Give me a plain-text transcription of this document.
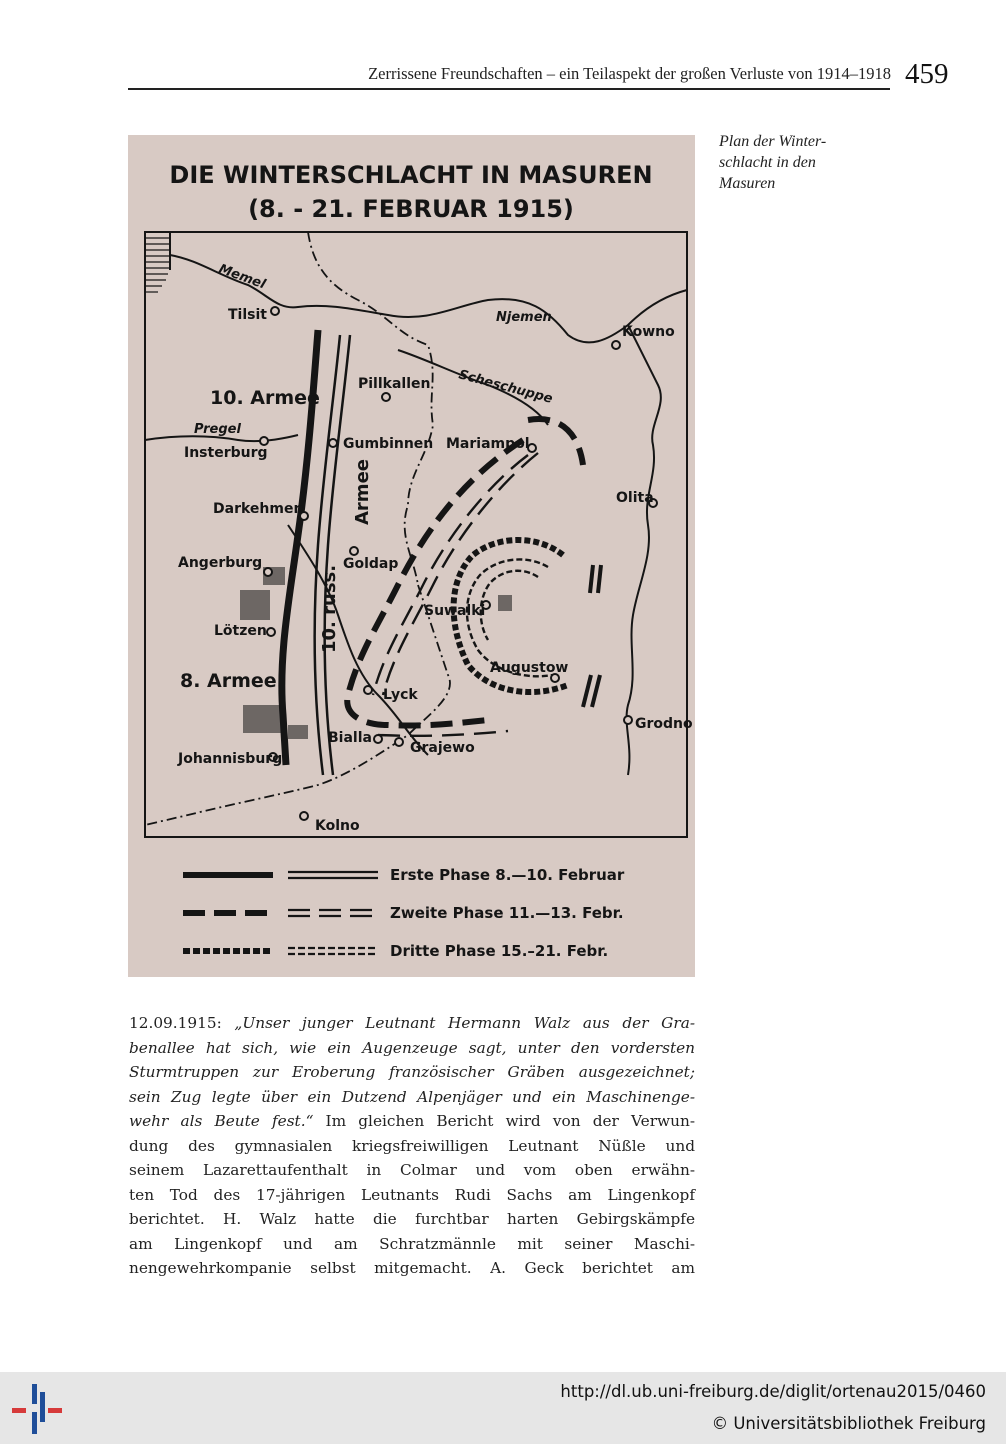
Zerrissene Freundschaften – ein Teilaspekt der großen Verluste von 1914–1918 459
DIE WINTERSCHLACHT IN MASUREN
(8. - 21. FEBRUAR 1915)
Memel
Njemen
Pregel
Scheschuppe
Tilsit
Kowno
Pillkallen
Gumbinnen Mariampol
Insterburg
Darkehmen
Olita
Angerburg	Goldap
Suwalki
Lötzen
Augustow
Lyck
Grodno
Johannisburg
Bialla
Grajewo
Kolno
10. Armee
8. Armee
10. russ.
Armee
Erste Phase 8.—10. Februar
Zweite Phase 11.—13. Febr.
Dritte Phase 15.–21. Febr.
Plan der Winter-
schlacht in den
Masuren
12.09.1915: „Unser junger Leutnant Hermann Walz aus der Gra-
benallee hat sich, wie ein Augenzeuge sagt, unter den vordersten
Sturmtruppen zur Eroberung französischer Gräben ausgezeichnet;
sein Zug legte über ein Dutzend Alpenjäger und ein Maschinenge-
wehr als Beute fest.“ Im gleichen Bericht wird von der Verwun-
dung des gymnasialen kriegsfreiwilligen Leutnant Nüßle und
seinem Lazarettaufenthalt in Colmar und vom oben erwähn-
ten Tod des 17-jährigen Leutnants Rudi Sachs am Lingenkopf
berichtet. H. Walz hatte die furchtbar harten Gebirgskämpfe
am Lingenkopf und am Schratzmännle mit seiner Maschi-
nengewehrkompanie selbst mitgemacht. A. Geck berichtet am
http://dl.ub.uni-freiburg.de/diglit/ortenau2015/0460
© Universitätsbibliothek Freiburg
